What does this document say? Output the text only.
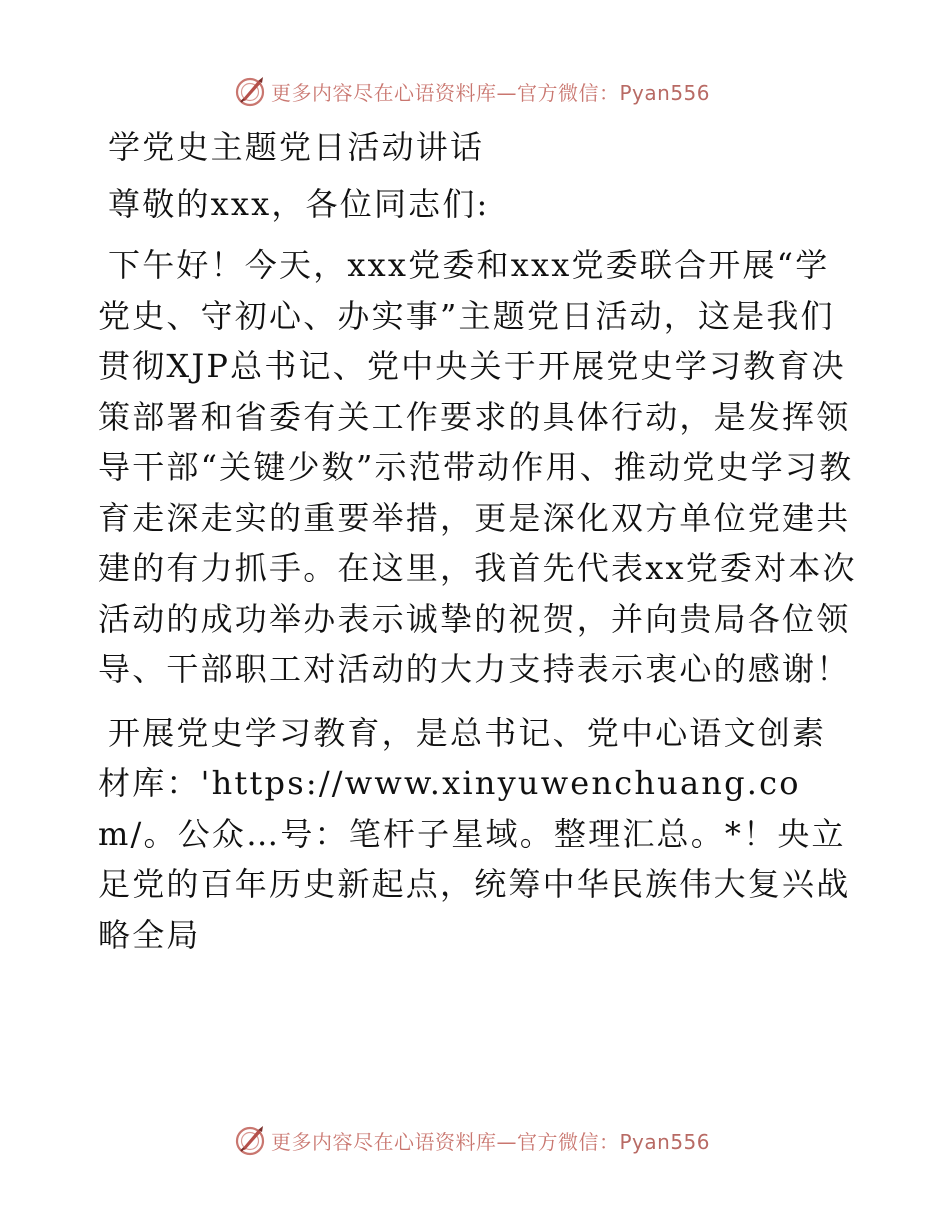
更多内容尽在心语资料库—官方微信：Pyan556

学党史主题党日活动讲话

尊敬的xxx，各位同志们:

下午好！今天，xxx党委和xxx党委联合开展“学党史、守初心、办实事”主题党日活动，这是我们贯彻XJP总书记、党中央关于开展党史学习教育决策部署和省委有关工作要求的具体行动，是发挥领导干部“关键少数”示范带动作用、推动党史学习教育走深走实的重要举措，更是深化双方单位党建共建的有力抓手。在这里，我首先代表xx党委对本次活动的成功举办表示诚挚的祝贺，并向贵局各位领导、干部职工对活动的大力支持表示衷心的感谢！

开展党史学习教育，是总书记、党中心语文创素材库：'https://www.xinyuwenchuang.com/。公众…号：笔杆子星域。整理汇总。*！央立足党的百年历史新起点，统筹中华民族伟大复兴战略全局

更多内容尽在心语资料库—官方微信：Pyan556
